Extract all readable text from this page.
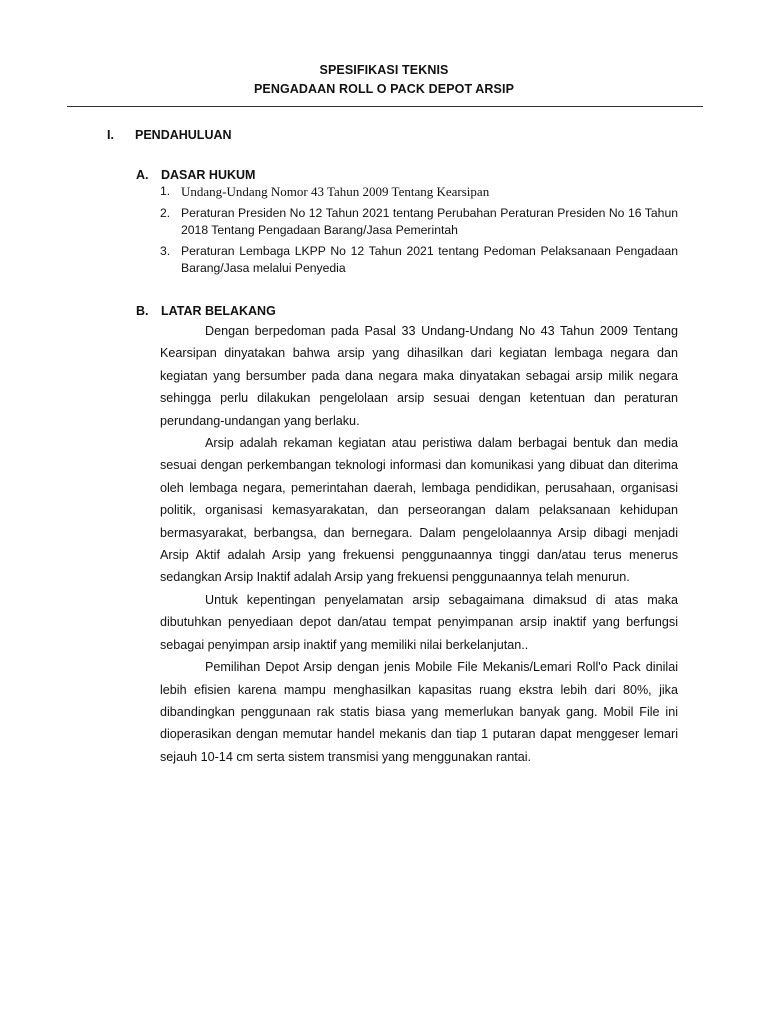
SPESIFIKASI TEKNIS
PENGADAAN ROLL O PACK DEPOT ARSIP
I. PENDAHULUAN
A. DASAR HUKUM
1. Undang-Undang Nomor 43 Tahun 2009 Tentang Kearsipan
2. Peraturan Presiden No 12 Tahun 2021 tentang Perubahan Peraturan Presiden No 16 Tahun 2018 Tentang Pengadaan Barang/Jasa Pemerintah
3. Peraturan Lembaga LKPP No 12 Tahun 2021 tentang Pedoman Pelaksanaan Pengadaan Barang/Jasa melalui Penyedia
B. LATAR BELAKANG

Dengan berpedoman pada Pasal 33 Undang-Undang No 43 Tahun 2009 Tentang Kearsipan dinyatakan bahwa arsip yang dihasilkan dari kegiatan lembaga negara dan kegiatan yang bersumber pada dana negara maka dinyatakan sebagai arsip milik negara sehingga perlu dilakukan pengelolaan arsip sesuai dengan ketentuan dan peraturan perundang-undangan yang berlaku.

Arsip adalah rekaman kegiatan atau peristiwa dalam berbagai bentuk dan media sesuai dengan perkembangan teknologi informasi dan komunikasi yang dibuat dan diterima oleh lembaga negara, pemerintahan daerah, lembaga pendidikan, perusahaan, organisasi politik, organisasi kemasyarakatan, dan perseorangan dalam pelaksanaan kehidupan bermasyarakat, berbangsa, dan bernegara. Dalam pengelolaannya Arsip dibagi menjadi Arsip Aktif adalah Arsip yang frekuensi penggunaannya tinggi dan/atau terus menerus sedangkan Arsip Inaktif adalah Arsip yang frekuensi penggunaannya telah menurun.

Untuk kepentingan penyelamatan arsip sebagaimana dimaksud di atas maka dibutuhkan penyediaan depot dan/atau tempat penyimpanan arsip inaktif yang berfungsi sebagai penyimpan arsip inaktif yang memiliki nilai berkelanjutan..

Pemilihan Depot Arsip dengan jenis Mobile File Mekanis/Lemari Roll'o Pack dinilai lebih efisien karena mampu menghasilkan kapasitas ruang ekstra lebih dari 80%, jika dibandingkan penggunaan rak statis biasa yang memerlukan banyak gang. Mobil File ini dioperasikan dengan memutar handel mekanis dan tiap 1 putaran dapat menggeser lemari sejauh 10-14 cm serta sistem transmisi yang menggunakan rantai.
